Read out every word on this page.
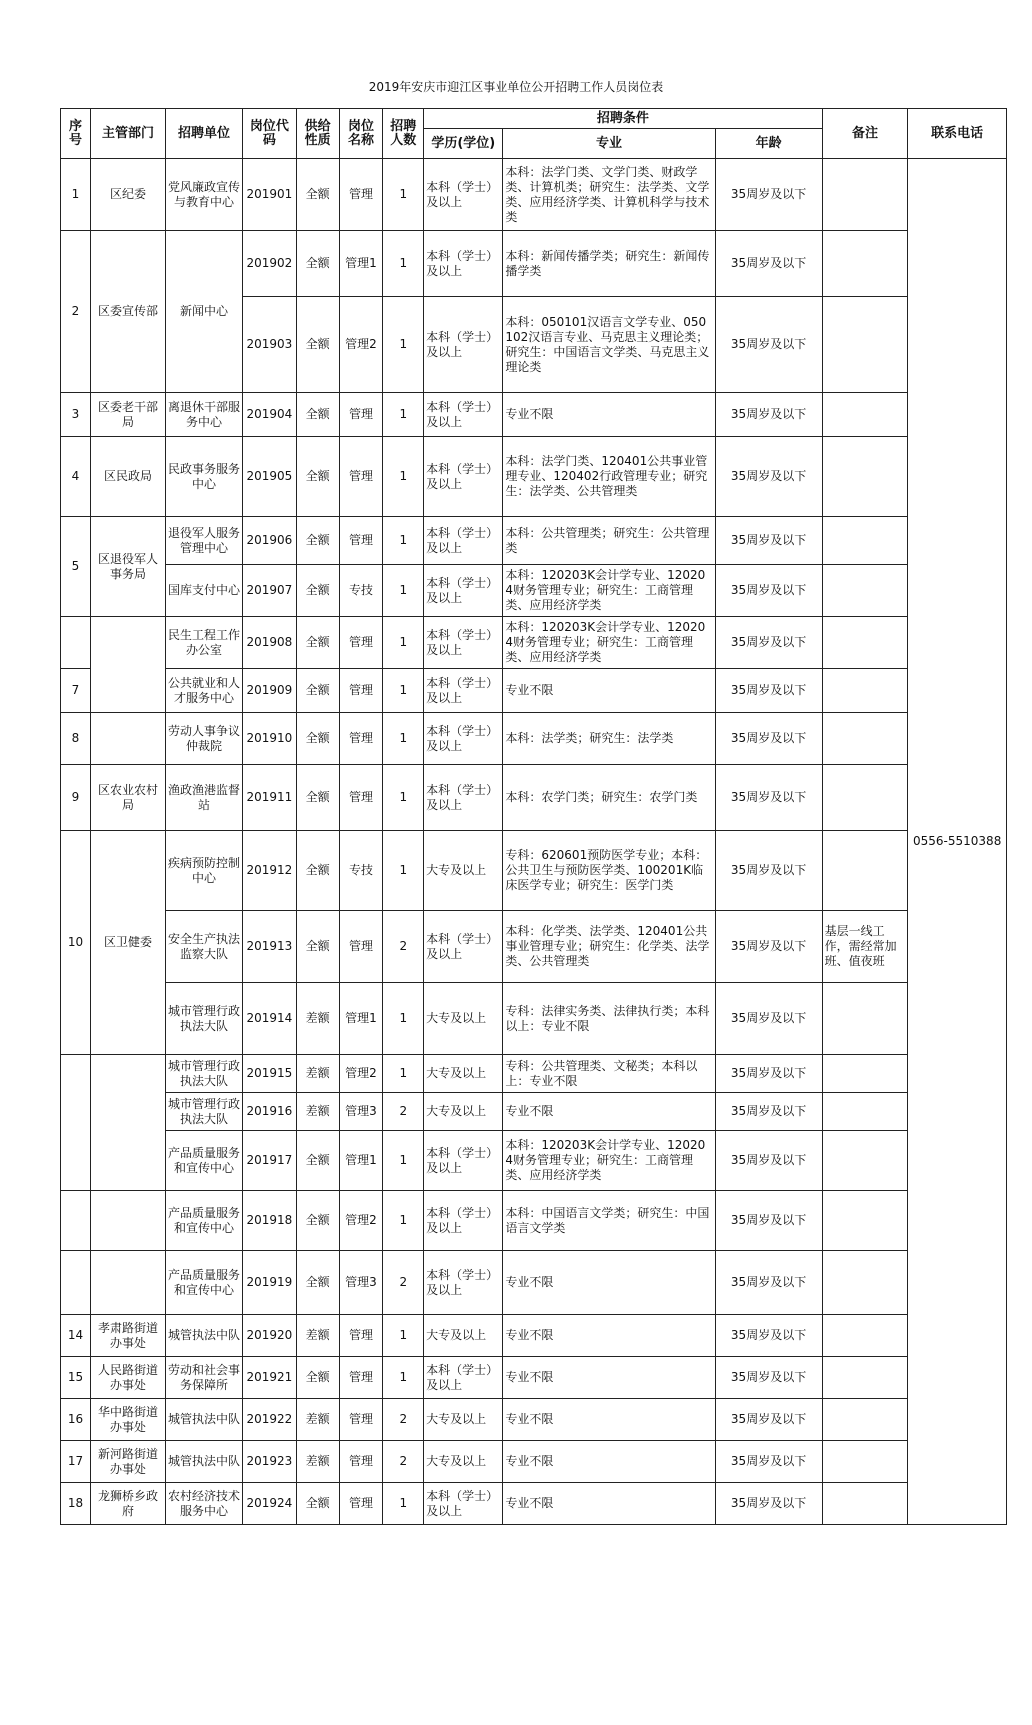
2019年安庆市迎江区事业单位公开招聘工作人员岗位表
序号	主管部门	招聘单位	岗位代码	供给性质	岗位名称	招聘人数	招聘条件			备注	联系电话
							学历(学位)	专业	年龄		
1	区纪委	党风廉政宣传与教育中心	201901	全额	管理	1	本科（学士）及以上	本科：法学门类、文学门类、财政学类、计算机类；研究生：法学类、文学类、应用经济学类、计算机科学与技术类	35周岁及以下		0556-5510388
2	区委宣传部	新闻中心	201902	全额	管理1	1	本科（学士）及以上	本科：新闻传播学类；研究生：新闻传播学类	35周岁及以下		
			201903	全额	管理2	1	本科（学士）及以上	本科：050101汉语言文学专业、050102汉语言专业、马克思主义理论类；研究生：中国语言文学类、马克思主义理论类	35周岁及以下		
3	区委老干部局	离退休干部服务中心	201904	全额	管理	1	本科（学士）及以上	专业不限	35周岁及以下		
4	区民政局	民政事务服务中心	201905	全额	管理	1	本科（学士）及以上	本科：法学门类、120401公共事业管理专业、120402行政管理专业；研究生：法学类、公共管理类	35周岁及以下		
5	区退役军人事务局	退役军人服务管理中心	201906	全额	管理	1	本科（学士）及以上	本科：公共管理类；研究生：公共管理类	35周岁及以下		
		国库支付中心	201907	全额	专技	1	本科（学士）及以上	本科：120203K会计学专业、120204财务管理专业；研究生：工商管理类、应用经济学类	35周岁及以下		
		民生工程工作办公室	201908	全额	管理	1	本科（学士）及以上	本科：120203K会计学专业、120204财务管理专业；研究生：工商管理类、应用经济学类	35周岁及以下		
7		公共就业和人才服务中心	201909	全额	管理	1	本科（学士）及以上	专业不限	35周岁及以下		
8		劳动人事争议仲裁院	201910	全额	管理	1	本科（学士）及以上	本科：法学类；研究生：法学类	35周岁及以下		
9	区农业农村局	渔政渔港监督站	201911	全额	管理	1	本科（学士）及以上	本科：农学门类；研究生：农学门类	35周岁及以下		
10	区卫健委	疾病预防控制中心	201912	全额	专技	1	大专及以上	专科：620601预防医学专业；本科：公共卫生与预防医学类、100201K临床医学专业；研究生：医学门类	35周岁及以下		
		安全生产执法监察大队	201913	全额	管理	2	本科（学士）及以上	本科：化学类、法学类、120401公共事业管理专业；研究生：化学类、法学类、公共管理类	35周岁及以下	基层一线工作，需经常加班、值夜班	
		城市管理行政执法大队	201914	差额	管理1	1	大专及以上	专科：法律实务类、法律执行类；本科以上：专业不限	35周岁及以下		
		城市管理行政执法大队	201915	差额	管理2	1	大专及以上	专科：公共管理类、文秘类；本科以上：专业不限	35周岁及以下		
		城市管理行政执法大队	201916	差额	管理3	2	大专及以上	专业不限	35周岁及以下		
		产品质量服务和宣传中心	201917	全额	管理1	1	本科（学士）及以上	本科：120203K会计学专业、120204财务管理专业；研究生：工商管理类、应用经济学类	35周岁及以下		
		产品质量服务和宣传中心	201918	全额	管理2	1	本科（学士）及以上	本科：中国语言文学类；研究生：中国语言文学类	35周岁及以下		
		产品质量服务和宣传中心	201919	全额	管理3	2	本科（学士）及以上	专业不限	35周岁及以下		
14	孝肃路街道办事处	城管执法中队	201920	差额	管理	1	大专及以上	专业不限	35周岁及以下		
15	人民路街道办事处	劳动和社会事务保障所	201921	全额	管理	1	本科（学士）及以上	专业不限	35周岁及以下		
16	华中路街道办事处	城管执法中队	201922	差额	管理	2	大专及以上	专业不限	35周岁及以下		
17	新河路街道办事处	城管执法中队	201923	差额	管理	2	大专及以上	专业不限	35周岁及以下		
18	龙狮桥乡政府	农村经济技术服务中心	201924	全额	管理	1	本科（学士）及以上	专业不限	35周岁及以下		
